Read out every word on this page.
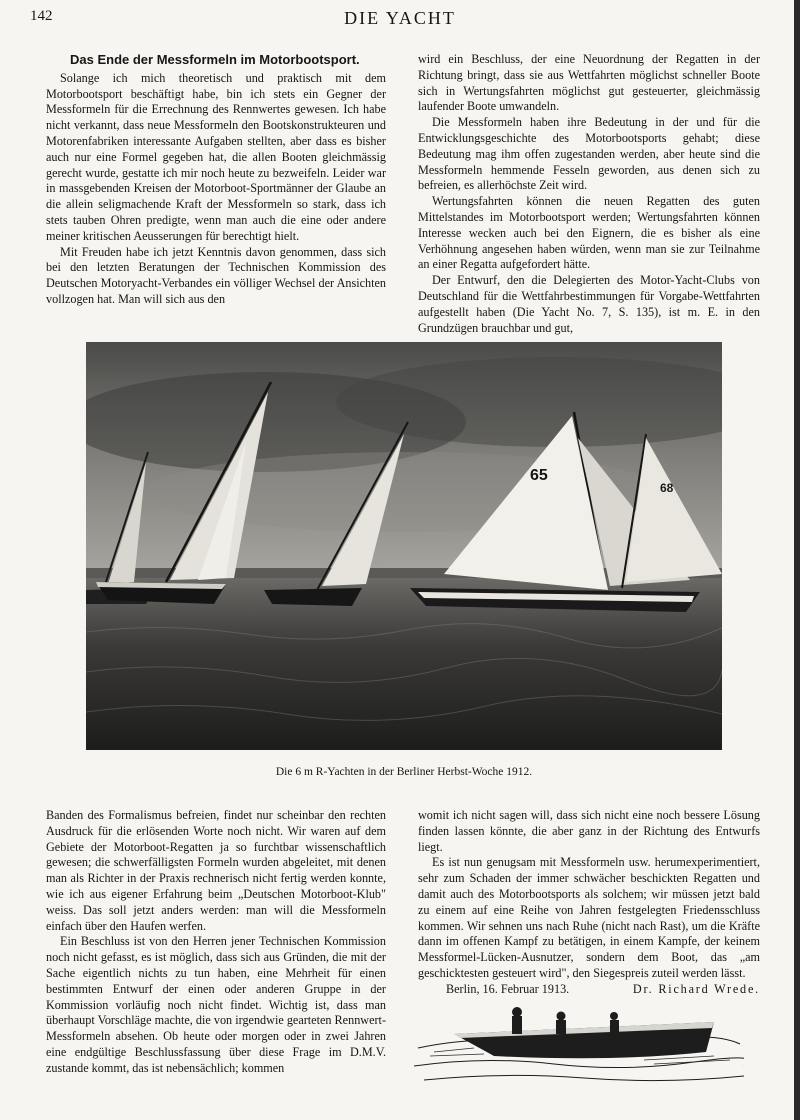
142	DIE YACHT
Das Ende der Messformeln im Motorbootsport.

Solange ich mich theoretisch und praktisch mit dem Motorbootsport beschäftigt habe, bin ich stets ein Gegner der Messformeln für die Errechnung des Rennwertes gewesen. Ich habe nicht verkannt, dass neue Messformeln den Bootskonstrukteuren und Motorenfabriken interessante Aufgaben stellten, aber dass es bisher auch nur eine Formel gegeben hat, die allen Booten gleichmässig gerecht wurde, gestatte ich mir noch heute zu bezweifeln. Leider war in massgebenden Kreisen der Motorboot-Sportmänner der Glaube an die allein seligmachende Kraft der Messformeln so stark, dass ich stets tauben Ohren predigte, wenn man auch die eine oder andere meiner kritischen Aeusserungen für berechtigt hielt.

Mit Freuden habe ich jetzt Kenntnis davon genommen, dass sich bei den letzten Beratungen der Technischen Kommission des Deutschen Motoryacht-Verbandes ein völliger Wechsel der Ansichten vollzogen hat. Man will sich aus den

wird ein Beschluss, der eine Neuordnung der Regatten in der Richtung bringt, dass sie aus Wettfahrten möglichst schneller Boote sich in Wertungsfahrten möglichst gut gesteuerter, gleichmässig laufender Boote umwandeln.

Die Messformeln haben ihre Bedeutung in der und für die Entwicklungsgeschichte des Motorbootsports gehabt; diese Bedeutung mag ihm offen zugestanden werden, aber heute sind die Messformeln hemmende Fesseln geworden, aus denen sich zu befreien, es allerhöchste Zeit wird.

Wertungsfahrten können die neuen Regatten des guten Mittelstandes im Motorbootsport werden; Wertungsfahrten können Interesse wecken auch bei den Eignern, die es bisher als eine Verhöhnung angesehen haben würden, wenn man sie zur Teilnahme an einer Regatta aufgefordert hätte.

Der Entwurf, den die Delegierten des Motor-Yacht-Clubs von Deutschland für die Wettfahrbestimmungen für Vorgabe-Wettfahrten aufgestellt haben (Die Yacht No. 7, S. 135), ist m. E. in den Grundzügen brauchbar und gut,

65
68
Die 6 m R-Yachten in der Berliner Herbst-Woche 1912.

Banden des Formalismus befreien, findet nur scheinbar den rechten Ausdruck für die erlösenden Worte noch nicht. Wir waren auf dem Gebiete der Motorboot-Regatten ja so furchtbar wissenschaftlich gewesen; die schwerfälligsten Formeln wurden abgeleitet, mit denen man als Richter in der Praxis rechnerisch nicht fertig werden konnte, wie ich aus eigener Erfahrung beim „Deutschen Motorboot-Klub" weiss. Das soll jetzt anders werden: man will die Messformeln einfach über den Haufen werfen.

Ein Beschluss ist von den Herren jener Technischen Kommission noch nicht gefasst, es ist möglich, dass sich aus Gründen, die mit der Sache eigentlich nichts zu tun haben, eine Mehrheit für einen bestimmten Entwurf der einen oder anderen Gruppe in der Kommission vorläufig noch nicht findet. Wichtig ist, dass man überhaupt Vorschläge machte, die von irgendwie gearteten Rennwert-Messformeln absehen. Ob heute oder morgen oder in zwei Jahren eine endgültige Beschlussfassung über diese Frage im D.M.V. zustande kommt, das ist nebensächlich; kommen

womit ich nicht sagen will, dass sich nicht eine noch bessere Lösung finden lassen könnte, die aber ganz in der Richtung des Entwurfs liegt.

Es ist nun genugsam mit Messformeln usw. herumexperimentiert, sehr zum Schaden der immer schwächer beschickten Regatten und damit auch des Motorbootsports als solchem; wir müssen jetzt bald zu einem auf eine Reihe von Jahren festgelegten Friedensschluss kommen. Wir sehnen uns nach Ruhe (nicht nach Rast), um die Kräfte dann im offenen Kampf zu betätigen, in einem Kampfe, der keinem Messformel-Lücken-Ausnutzer, sondern dem Boot, das „am geschicktesten gesteuert wird", den Siegespreis zuteil werden lässt.

Berlin, 16. Februar 1913.	Dr. Richard Wrede.
